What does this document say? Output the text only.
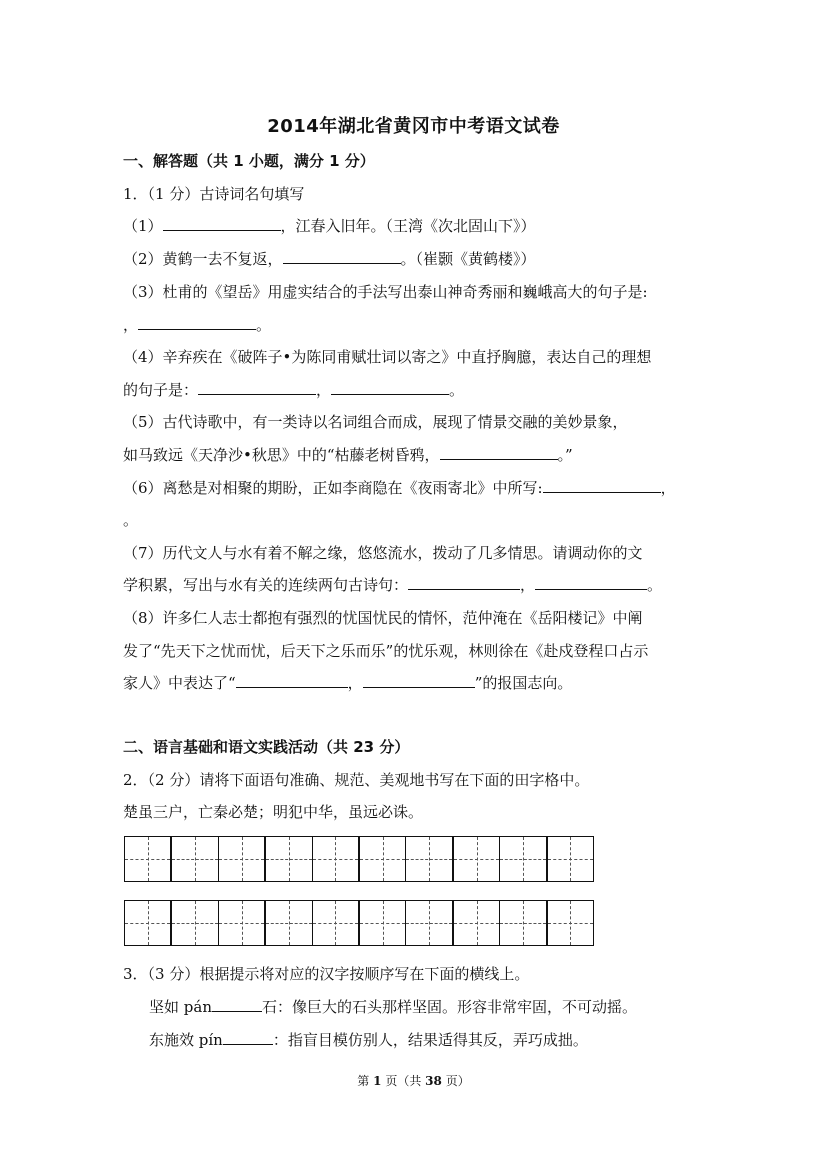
2014年湖北省黄冈市中考语文试卷
一、解答题（共 1 小题，满分 1 分）
1．（1 分）古诗词名句填写
（1）	，江春入旧年。（王湾《次北固山下》）
（2）黄鹤一去不复返，	。（崔颢《黄鹤楼》）
（3）杜甫的《望岳》用虚实结合的手法写出泰山神奇秀丽和巍峨高大的句子是:
，	。
（4）辛弃疾在《破阵子•为陈同甫赋壮词以寄之》中直抒胸臆，表达自己的理想
的句子是：	，	。
（5）古代诗歌中，有一类诗以名词组合而成，展现了情景交融的美妙景象，
如马致远《天净沙•秋思》中的“枯藤老树昏鸦，	。”
（6）离愁是对相聚的期盼，正如李商隐在《夜雨寄北》中所写:	，
。
（7）历代文人与水有着不解之缘，悠悠流水，拨动了几多情思。请调动你的文
学积累，写出与水有关的连续两句古诗句：	，	。
（8）许多仁人志士都抱有强烈的忧国忧民的情怀，范仲淹在《岳阳楼记》中阐
发了“先天下之忧而忧，后天下之乐而乐”的忧乐观，林则徐在《赴戍登程口占示
家人》中表达了“	，	”的报国志向。
二、语言基础和语文实践活动（共 23 分）
2．（2 分）请将下面语句准确、规范、美观地书写在下面的田字格中。
楚虽三户，亡秦必楚；明犯中华，虽远必诛。
3．（3 分）根据提示将对应的汉字按顺序写在下面的横线上。
坚如 pán	石：像巨大的石头那样坚固。形容非常牢固，不可动摇。
东施效 pín	：指盲目模仿别人，结果适得其反，弄巧成拙。
第 1 页（共 38 页）
